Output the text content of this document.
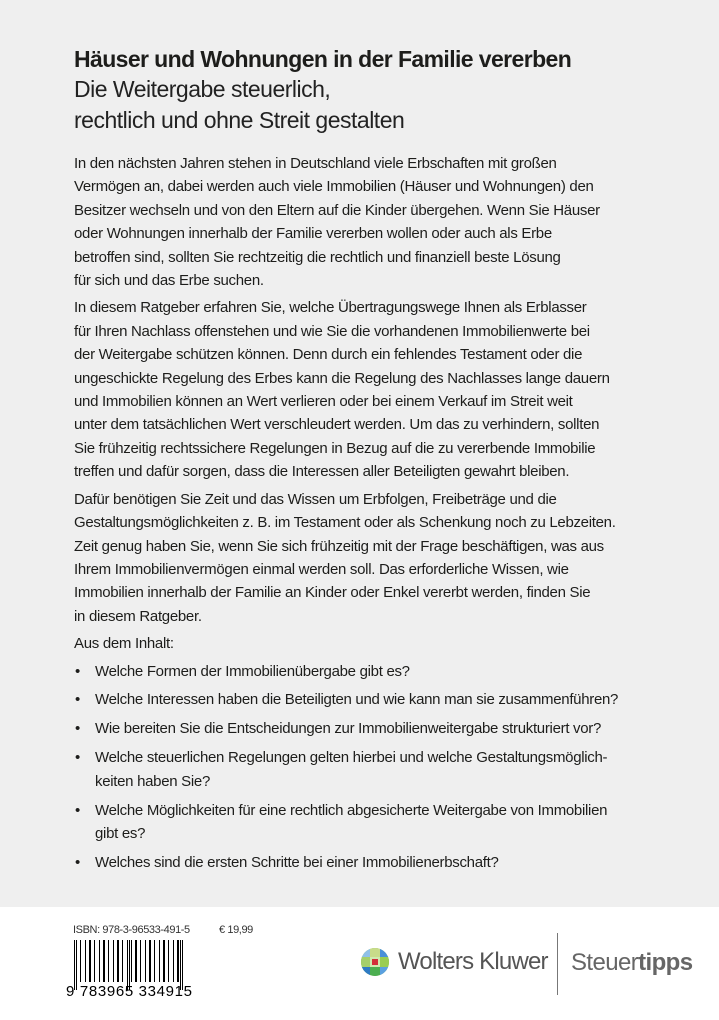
Häuser und Wohnungen in der Familie vererben
Die Weitergabe steuerlich,
rechtlich und ohne Streit gestalten
In den nächsten Jahren stehen in Deutschland viele Erbschaften mit großen
Vermögen an, dabei werden auch viele Immobilien (Häuser und Wohnungen) den
Besitzer wechseln und von den Eltern auf die Kinder übergehen. Wenn Sie Häuser
oder Wohnungen innerhalb der Familie vererben wollen oder auch als Erbe
betroffen sind, sollten Sie rechtzeitig die rechtlich und finanziell beste Lösung
für sich und das Erbe suchen.
In diesem Ratgeber erfahren Sie, welche Übertragungswege Ihnen als Erblasser
für Ihren Nachlass offenstehen und wie Sie die vorhandenen Immobilienwerte bei
der Weitergabe schützen können. Denn durch ein fehlendes Testament oder die
ungeschickte Regelung des Erbes kann die Regelung des Nachlasses lange dauern
und Immobilien können an Wert verlieren oder bei einem Verkauf im Streit weit
unter dem tatsächlichen Wert verschleudert werden. Um das zu verhindern, sollten
Sie frühzeitig rechtssichere Regelungen in Bezug auf die zu vererbende Immobilie
treffen und dafür sorgen, dass die Interessen aller Beteiligten gewahrt bleiben.
Dafür benötigen Sie Zeit und das Wissen um Erbfolgen, Freibeträge und die
Gestaltungsmöglichkeiten z. B. im Testament oder als Schenkung noch zu Lebzeiten.
Zeit genug haben Sie, wenn Sie sich frühzeitig mit der Frage beschäftigen, was aus
Ihrem Immobilienvermögen einmal werden soll. Das erforderliche Wissen, wie
Immobilien innerhalb der Familie an Kinder oder Enkel vererbt werden, finden Sie
in diesem Ratgeber.
Aus dem Inhalt:
• Welche Formen der Immobilienübergabe gibt es?
• Welche Interessen haben die Beteiligten und wie kann man sie zusammenführen?
• Wie bereiten Sie die Entscheidungen zur Immobilienweitergabe strukturiert vor?
• Welche steuerlichen Regelungen gelten hierbei und welche Gestaltungsmöglich-
keiten haben Sie?
• Welche Möglichkeiten für eine rechtlich abgesicherte Weitergabe von Immobilien
gibt es?
• Welches sind die ersten Schritte bei einer Immobilienerbschaft?
ISBN: 978-3-96533-491-5	€ 19,99
9 783965 334915
Wolters Kluwer Steuertipps
